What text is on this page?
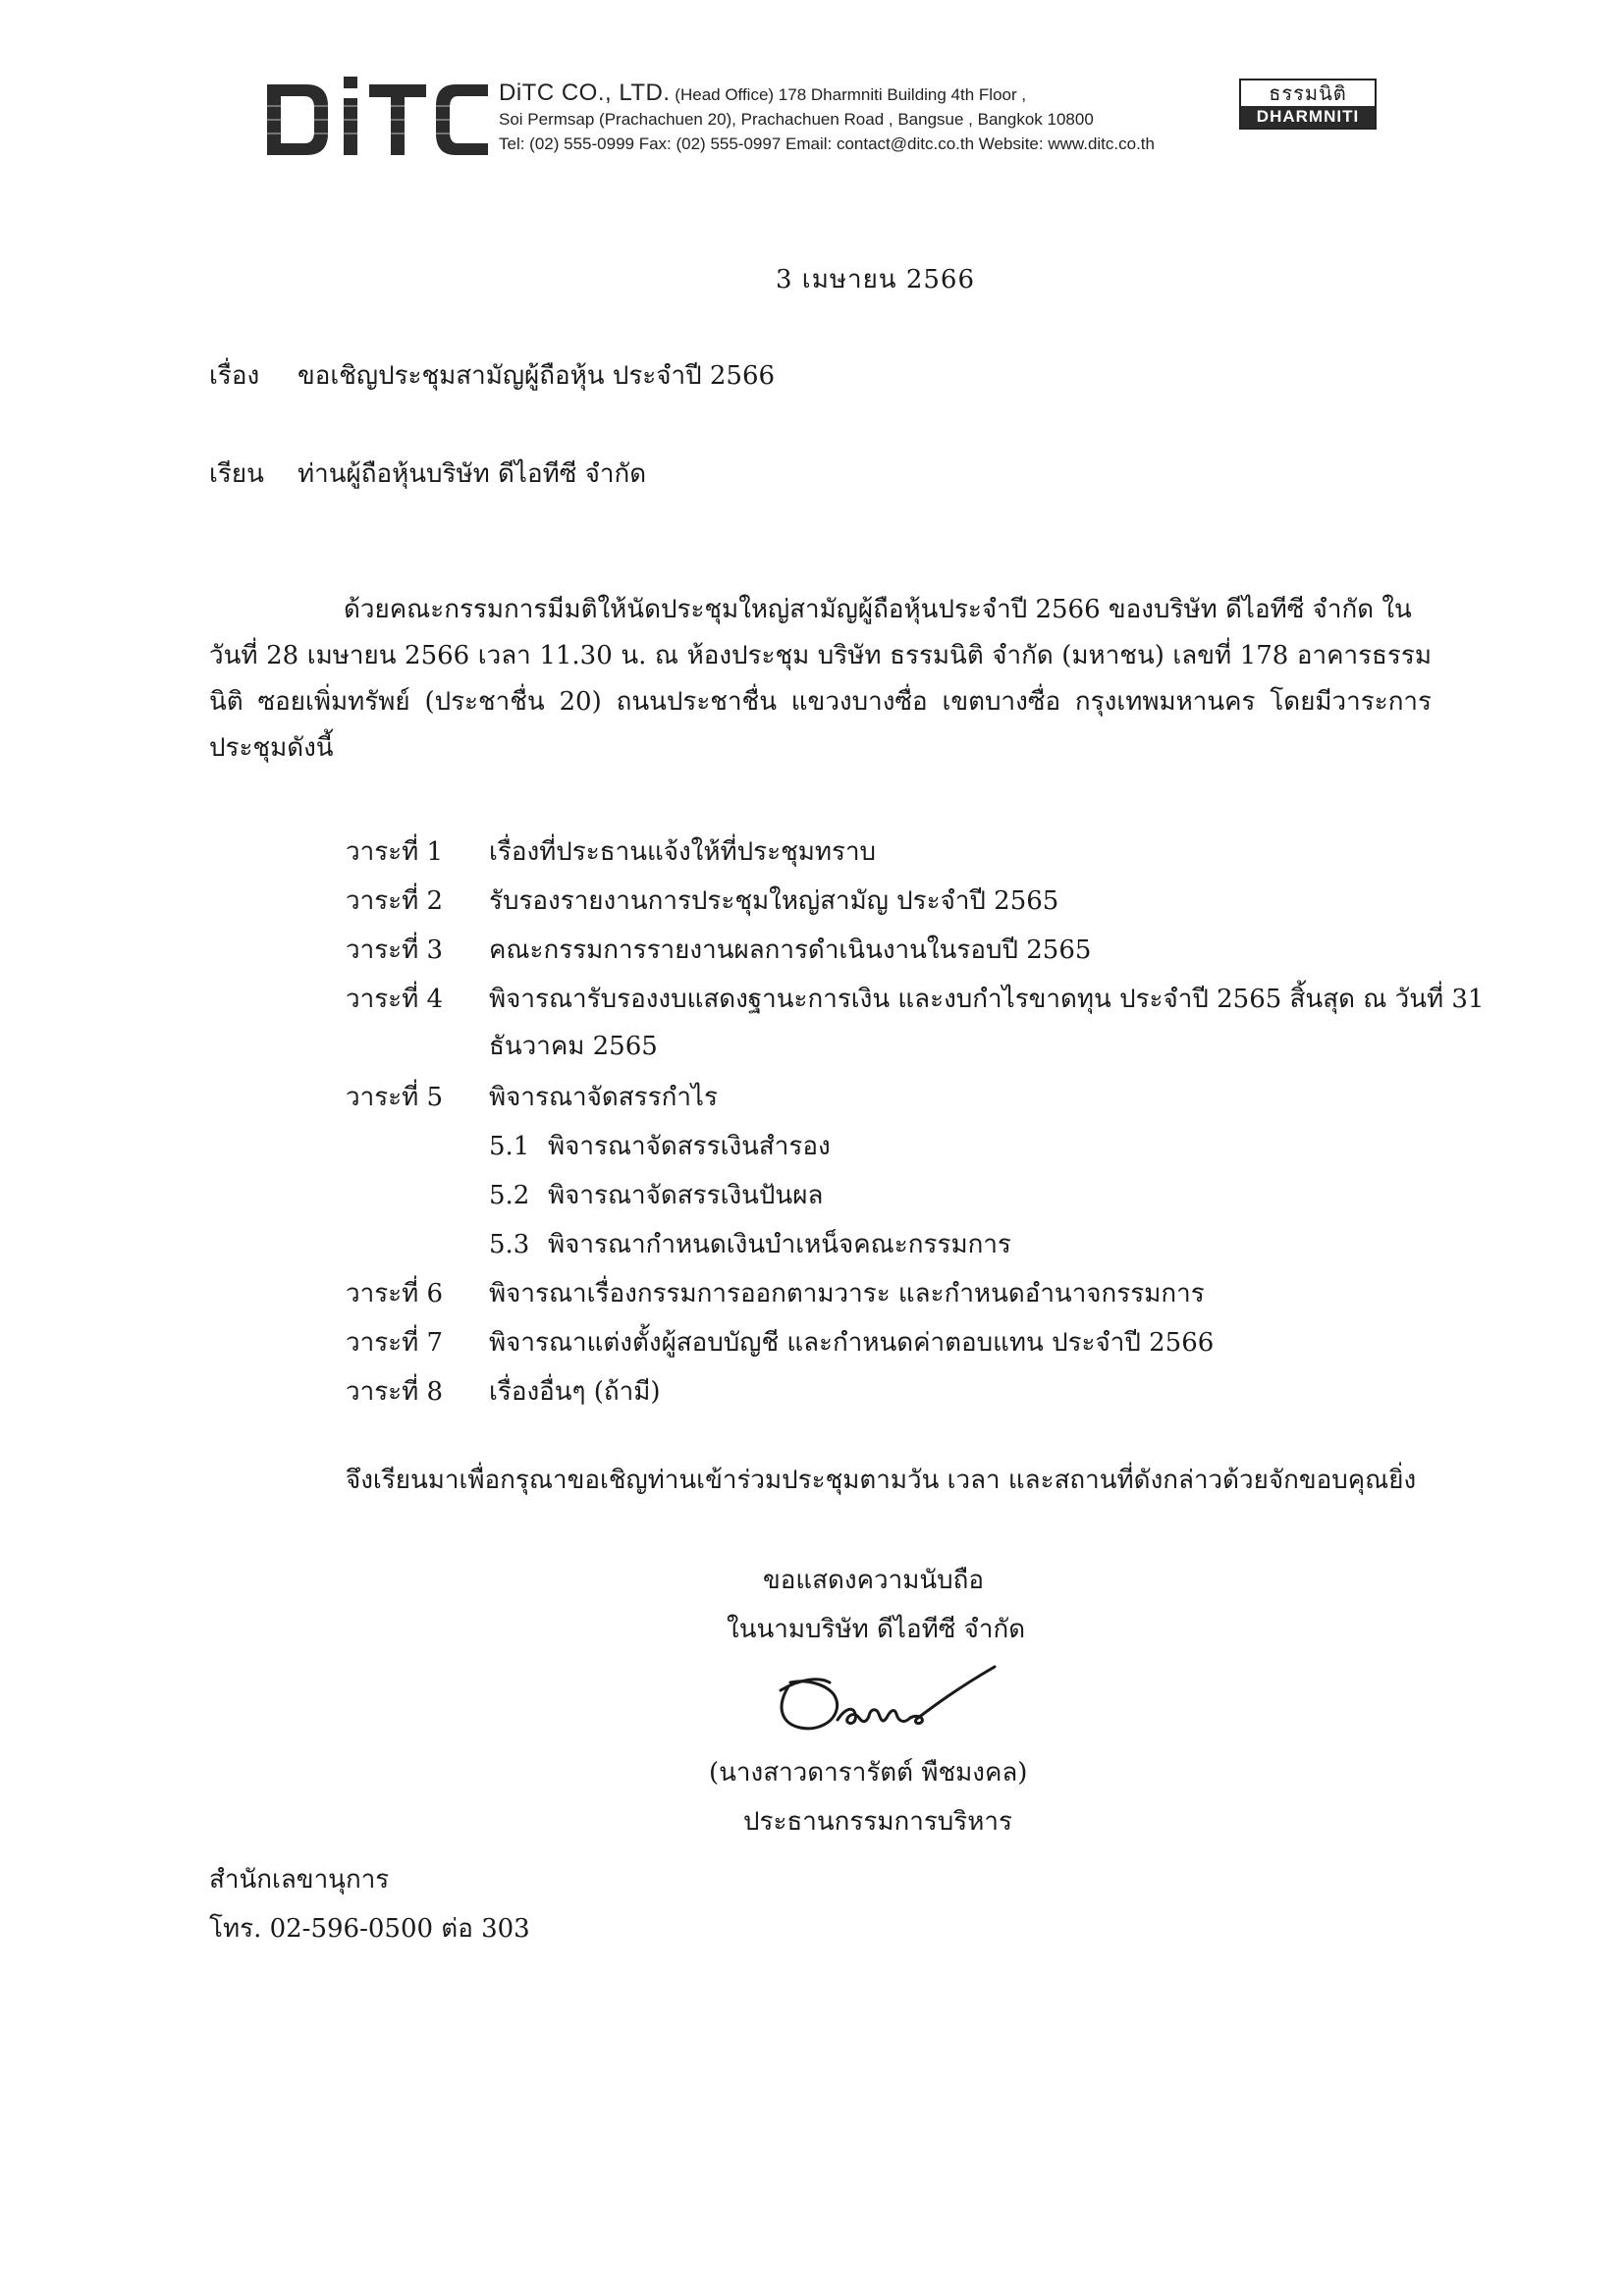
DiTC CO., LTD. (Head Office) 178 Dharmniti Building 4th Floor ,
Soi Permsap (Prachachuen 20), Prachachuen Road , Bangsue , Bangkok 10800
Tel: (02) 555-0999 Fax: (02) 555-0997 Email: contact@ditc.co.th Website: www.ditc.co.th
ธรรมนิติ
DHARMNITI
3 เมษายน 2566
เรื่อง ขอเชิญประชุมสามัญผู้ถือหุ้น ประจำปี 2566
เรียน ท่านผู้ถือหุ้นบริษัท ดีไอทีซี จำกัด
ด้วยคณะกรรมการมีมติให้นัดประชุมใหญ่สามัญผู้ถือหุ้นประจำปี 2566 ของบริษัท ดีไอทีซี จำกัด ใน
วันที่ 28 เมษายน 2566 เวลา 11.30 น. ณ ห้องประชุม บริษัท ธรรมนิติ จำกัด (มหาชน) เลขที่ 178 อาคารธรรม
นิติ ซอยเพิ่มทรัพย์ (ประชาชื่น 20) ถนนประชาชื่น แขวงบางซื่อ เขตบางซื่อ กรุงเทพมหานคร โดยมีวาระการ
ประชุมดังนี้
วาระที่ 1 เรื่องที่ประธานแจ้งให้ที่ประชุมทราบ
วาระที่ 2 รับรองรายงานการประชุมใหญ่สามัญ ประจำปี 2565
วาระที่ 3 คณะกรรมการรายงานผลการดำเนินงานในรอบปี 2565
วาระที่ 4 พิจารณารับรองงบแสดงฐานะการเงิน และงบกำไรขาดทุน ประจำปี 2565 สิ้นสุด ณ วันที่ 31
ธันวาคม 2565
วาระที่ 5 พิจารณาจัดสรรกำไร
5.1 พิจารณาจัดสรรเงินสำรอง
5.2 พิจารณาจัดสรรเงินปันผล
5.3 พิจารณากำหนดเงินบำเหน็จคณะกรรมการ
วาระที่ 6 พิจารณาเรื่องกรรมการออกตามวาระ และกำหนดอำนาจกรรมการ
วาระที่ 7 พิจารณาแต่งตั้งผู้สอบบัญชี และกำหนดค่าตอบแทน ประจำปี 2566
วาระที่ 8 เรื่องอื่นๆ (ถ้ามี)
จึงเรียนมาเพื่อกรุณาขอเชิญท่านเข้าร่วมประชุมตามวัน เวลา และสถานที่ดังกล่าวด้วยจักขอบคุณยิ่ง
ขอแสดงความนับถือ
ในนามบริษัท ดีไอทีซี จำกัด
(นางสาวดารารัตต์ พืชมงคล)
ประธานกรรมการบริหาร
สำนักเลขานุการ
โทร. 02-596-0500 ต่อ 303
